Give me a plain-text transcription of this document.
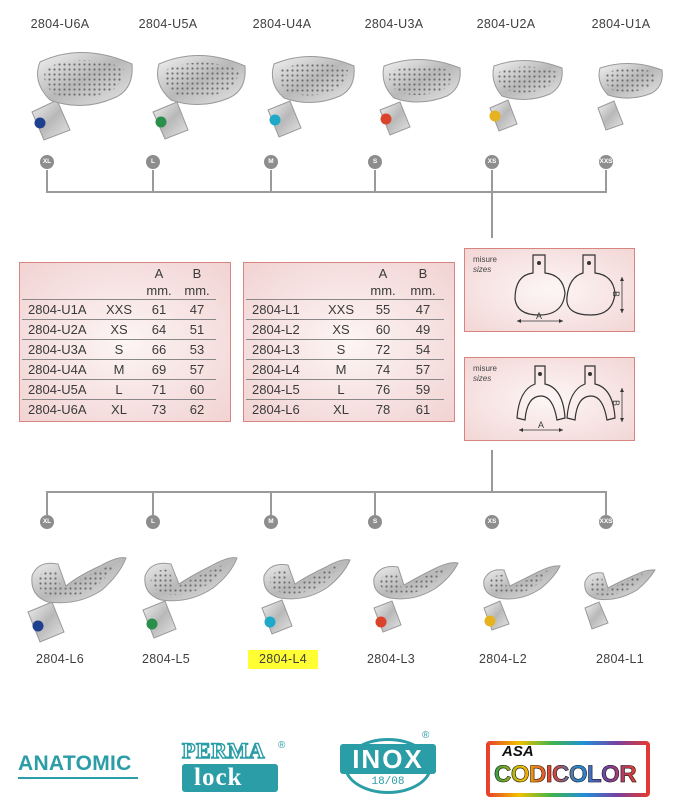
2804-U6A	2804-U5A	2804-U4A	2804-U3A	2804-U2A	2804-U1A
XL	L	M	S	XS	XXS
		A	B
		mm.	mm.
2804-U1A	XXS	61	47
2804-U2A	XS	64	51
2804-U3A	S	66	53
2804-U4A	M	69	57
2804-U5A	L	71	60
2804-U6A	XL	73	62
		A	B
		mm.	mm.
2804-L1	XXS	55	47
2804-L2	XS	60	49
2804-L3	S	72	54
2804-L4	M	74	57
2804-L5	L	76	59
2804-L6	XL	78	61
misure
sizes
A
B
misure
sizes
A
B
XL	L	M	S	XS	XXS
2804-L6	2804-L5	2804-L4	2804-L3	2804-L2	2804-L1
ANATOMIC
PERMA	®
lock
INOX
18/08
®
ASA
CODICOLOR
